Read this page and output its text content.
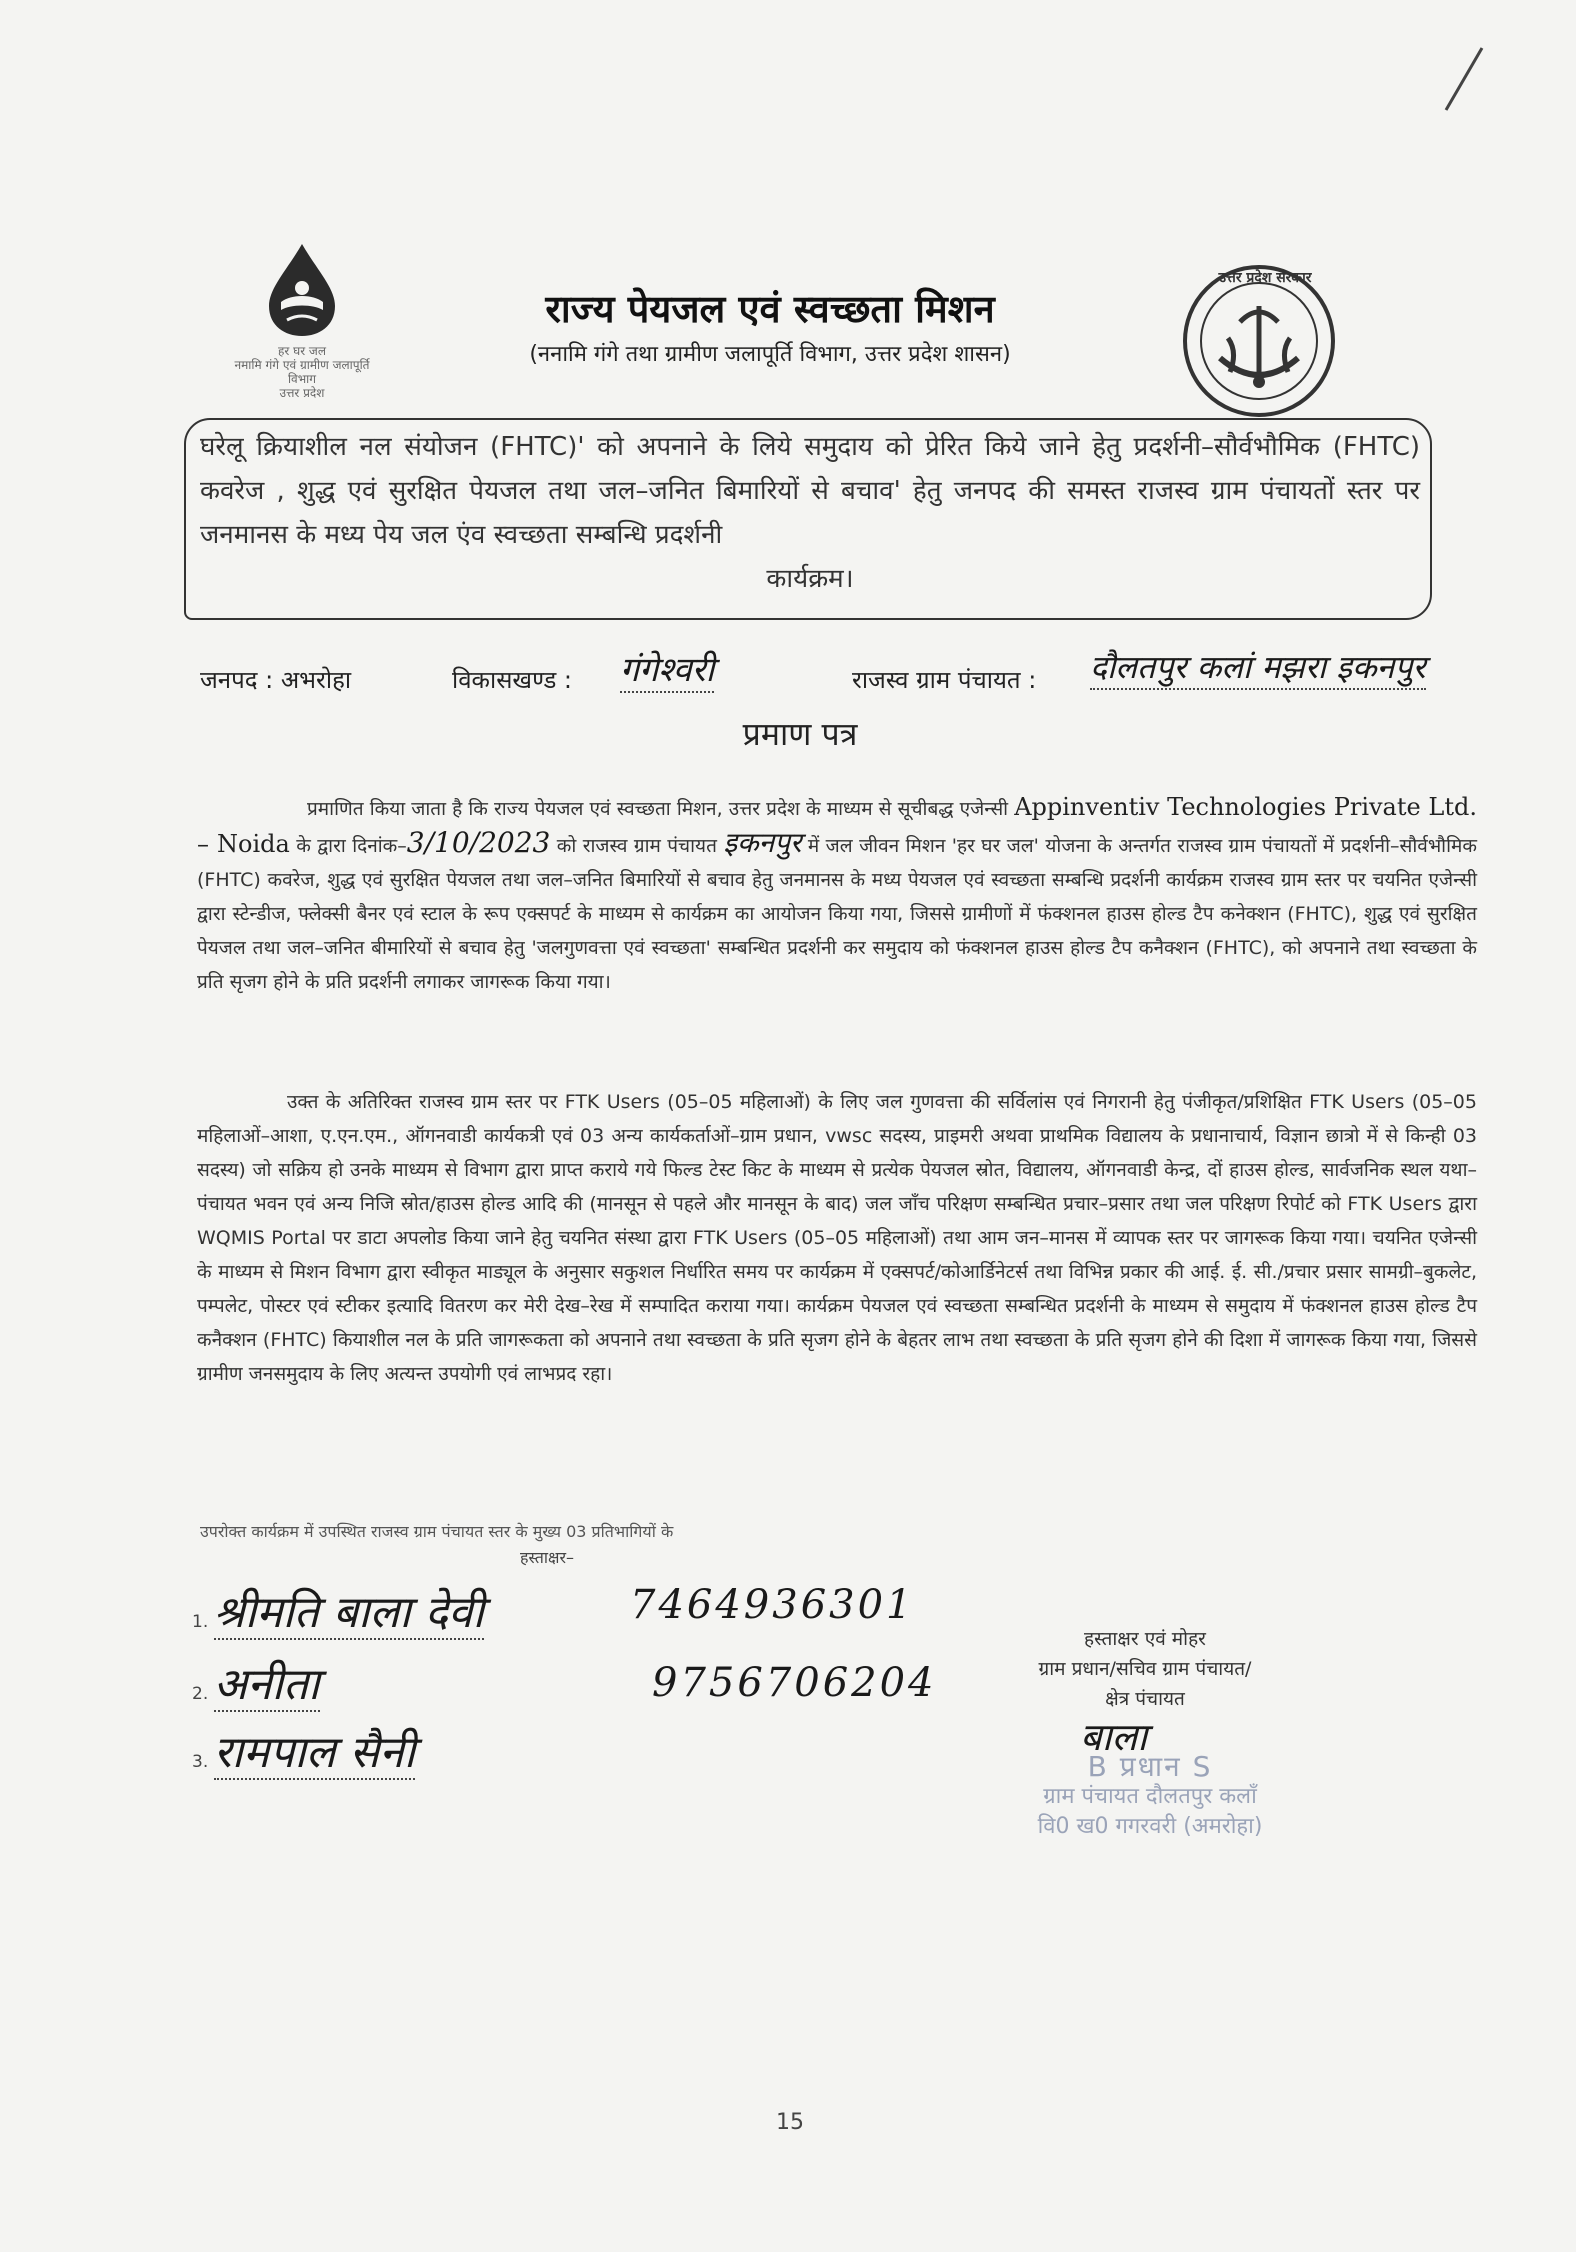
हर घर जल
नमामि गंगे एवं ग्रामीण जलापूर्ति विभाग
उत्तर प्रदेश
राज्य पेयजल एवं स्वच्छता मिशन
(ननामि गंगे तथा ग्रामीण जलापूर्ति विभाग, उत्तर प्रदेश शासन)
उत्तर प्रदेश सरकार
घरेलू क्रियाशील नल संयोजन (FHTC)' को अपनाने के लिये समुदाय को प्रेरित किये जाने हेतु प्रदर्शनी–सौर्वभौमिक (FHTC) कवरेज , शुद्ध एवं सुरक्षित पेयजल तथा जल–जनित बिमारियों से बचाव' हेतु जनपद की समस्त राजस्व ग्राम पंचायतों स्तर पर जनमानस के मध्य पेय जल एंव स्वच्छता सम्बन्धि प्रदर्शनी
कार्यक्रम।
जनपद : अभरोहा	विकासखण्ड : गंगेश्वरी	राजस्व ग्राम पंचायत : दौलतपुर कलां मझरा इकनपुर
प्रमाण पत्र
प्रमाणित किया जाता है कि राज्य पेयजल एवं स्वच्छता मिशन, उत्तर प्रदेश के माध्यम से सूचीबद्ध एजेन्सी Appinventiv Technologies Private Ltd. – Noida के द्वारा दिनांक–3/10/2023 को राजस्व ग्राम पंचायत इकनपुर में जल जीवन मिशन 'हर घर जल' योजना के अन्तर्गत राजस्व ग्राम पंचायतों में प्रदर्शनी–सौर्वभौमिक (FHTC) कवरेज, शुद्ध एवं सुरक्षित पेयजल तथा जल–जनित बिमारियों से बचाव हेतु जनमानस के मध्य पेयजल एवं स्वच्छता सम्बन्धि प्रदर्शनी कार्यक्रम राजस्व ग्राम स्तर पर चयनित एजेन्सी द्वारा स्टेन्डीज, फ्लेक्सी बैनर एवं स्टाल के रूप एक्सपर्ट के माध्यम से कार्यक्रम का आयोजन किया गया, जिससे ग्रामीणों में फंक्शनल हाउस होल्ड टैप कनेक्शन (FHTC), शुद्ध एवं सुरक्षित पेयजल तथा जल–जनित बीमारियों से बचाव हेतु 'जलगुणवत्ता एवं स्वच्छता' सम्बन्धित प्रदर्शनी कर समुदाय को फंक्शनल हाउस होल्ड टैप कनैक्शन (FHTC), को अपनाने तथा स्वच्छता के प्रति सृजग होने के प्रति प्रदर्शनी लगाकर जागरूक किया गया।
उक्त के अतिरिक्त राजस्व ग्राम स्तर पर FTK Users (05–05 महिलाओं) के लिए जल गुणवत्ता की सर्विलांस एवं निगरानी हेतु पंजीकृत/प्रशिक्षित FTK Users (05–05 महिलाओं–आशा, ए.एन.एम., ऑगनवाडी कार्यकत्री एवं 03 अन्य कार्यकर्ताओं–ग्राम प्रधान, vwsc सदस्य, प्राइमरी अथवा प्राथमिक विद्यालय के प्रधानाचार्य, विज्ञान छात्रो में से किन्ही 03 सदस्य) जो सक्रिय हो उनके माध्यम से विभाग द्वारा प्राप्त कराये गये फिल्ड टेस्ट किट के माध्यम से प्रत्येक पेयजल स्रोत, विद्यालय, ऑगनवाडी केन्द्र, दों हाउस होल्ड, सार्वजनिक स्थल यथा–पंचायत भवन एवं अन्य निजि स्रोत/हाउस होल्ड आदि की (मानसून से पहले और मानसून के बाद) जल जाँच परिक्षण सम्बन्धित प्रचार–प्रसार तथा जल परिक्षण रिपोर्ट को FTK Users द्वारा WQMIS Portal पर डाटा अपलोड किया जाने हेतु चयनित संस्था द्वारा FTK Users (05–05 महिलाओं) तथा आम जन–मानस में व्यापक स्तर पर जागरूक किया गया। चयनित एजेन्सी के माध्यम से मिशन विभाग द्वारा स्वीकृत माड्यूल के अनुसार सकुशल निर्धारित समय पर कार्यक्रम में एक्सपर्ट/कोआर्डिनेटर्स तथा विभिन्न प्रकार की आई. ई. सी./प्रचार प्रसार सामग्री–बुकलेट, पम्पलेट, पोस्टर एवं स्टीकर इत्यादि वितरण कर मेरी देख–रेख में सम्पादित कराया गया। कार्यक्रम पेयजल एवं स्वच्छता सम्बन्धित प्रदर्शनी के माध्यम से समुदाय में फंक्शनल हाउस होल्ड टैप कनैक्शन (FHTC) कियाशील नल के प्रति जागरूकता को अपनाने तथा स्वच्छता के प्रति सृजग होने के बेहतर लाभ तथा स्वच्छता के प्रति सृजग होने की दिशा में जागरूक किया गया, जिससे ग्रामीण जनसमुदाय के लिए अत्यन्त उपयोगी एवं लाभप्रद रहा।
उपरोक्त कार्यक्रम में उपस्थित राजस्व ग्राम पंचायत स्तर के मुख्य 03 प्रतिभागियों के
हस्ताक्षर–
1. श्रीमति बाला देवी	7464936301
2. अनीता	9756706204
3. रामपाल सैनी
हस्ताक्षर एवं मोहर
ग्राम प्रधान/सचिव ग्राम पंचायत/
क्षेत्र पंचायत
बाला
B प्रधान S
ग्राम पंचायत दौलतपुर कलाँ
वि0 ख0 गगरवरी (अमरोहा)
15
